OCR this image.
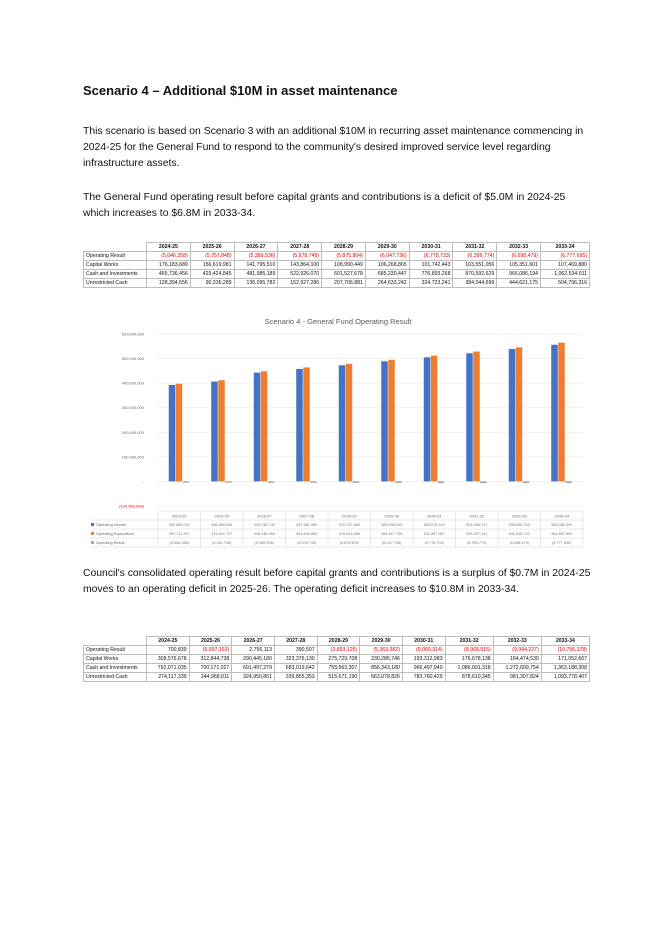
Scenario 4 – Additional $10M in asset maintenance

This scenario is based on Scenario 3 with an additional $10M in recurring asset maintenance commencing in 2024-25 for the General Fund to respond to the community's desired improved service level regarding infrastructure assets.

The General Fund operating result before capital grants and contributions is a deficit of $5.0M in 2024-25 which increases to $6.8M in 2033-34.

	2024-25	2025-26	2026-27	2027-28	2028-29	2029-30	2030-31	2031-32	2032-33	2033-34
Operating Result	(5,046,358)	(5,757,848)	(5,389,536)	(5,678,749)	(5,875,804)	(6,047,736)	(6,778,733)	(6,399,774)	(6,698,479)	(6,777,695)
Capital Works	176,183,689	156,619,981	141,795,510	143,864,100	108,990,449	106,268,865	101,742,443	103,551,056	105,351,601	107,469,880
Cash and Investments	465,736,456	429,424,845	481,985,189	522,926,070	601,527,678	685,230,447	776,893,268	870,592,629	966,086,194	1,062,534,011
Unrestricted Cash	128,394,556	90,336,289	136,095,782	152,927,286	207,706,881	264,633,242	324,723,241	384,044,699	444,621,175	504,796,316
Scenario 4 - General Fund Operating Result
(100,000,000)
-
100,000,000
200,000,000
300,000,000
400,000,000
500,000,000
600,000,000
2024-25	2025-26	2026-27	2027-28	2028-29	2029-30	2030-31	2031-32	2032-33	2033-34
Operating Income	392,664,052	406,580,958	442,748,730	457,961,080	472,747,884	489,036,000	505,079,244	521,538,217	538,848,253	556,080,309
Operating Expenditure	397,711,370	411,842,707	448,138,266	463,639,884	478,643,688	494,617,736	511,857,967	528,537,241	545,528,732	564,857,800
Operating Result	(5,046,358)	(5,261,748)	(5,389,536)	(5,678,749)	(5,875,804)	(6,047,736)	(6,778,733)	(6,999,774)	(6,698,479)	(6,777,695)

Council's consolidated operating result before capital grants and contributions is a surplus of $0.7M in 2024-25 moves to an operating deficit in 2025-26. The operating deficit increases to $10.8M in 2033-34.

	2024-25	2025-26	2026-27	2027-28	2028-29	2029-30	2030-31	2031-32	2032-33	2033-34
Operating Result	700,839	(6,697,163)	2,756,113	390,507	(3,893,125)	(5,363,382)	(9,060,314)	(8,968,915)	(9,994,227)	(10,756,378)
Capital Works	308,576,678	312,844,738	290,445,180	323,376,130	275,729,708	230,286,746	193,312,083	176,678,138	164,474,530	171,052,667
Cash and Investments	792,071,035	700,171,027	691,497,279	683,019,642	755,563,307	856,343,180	966,497,940	1,086,001,318	1,272,609,754	1,363,188,308
Unrestricted Cash	274,117,339	244,968,011	324,950,861	339,855,353	515,671,190	663,078,826	783,760,429	878,610,345	981,307,824	1,093,778,407
